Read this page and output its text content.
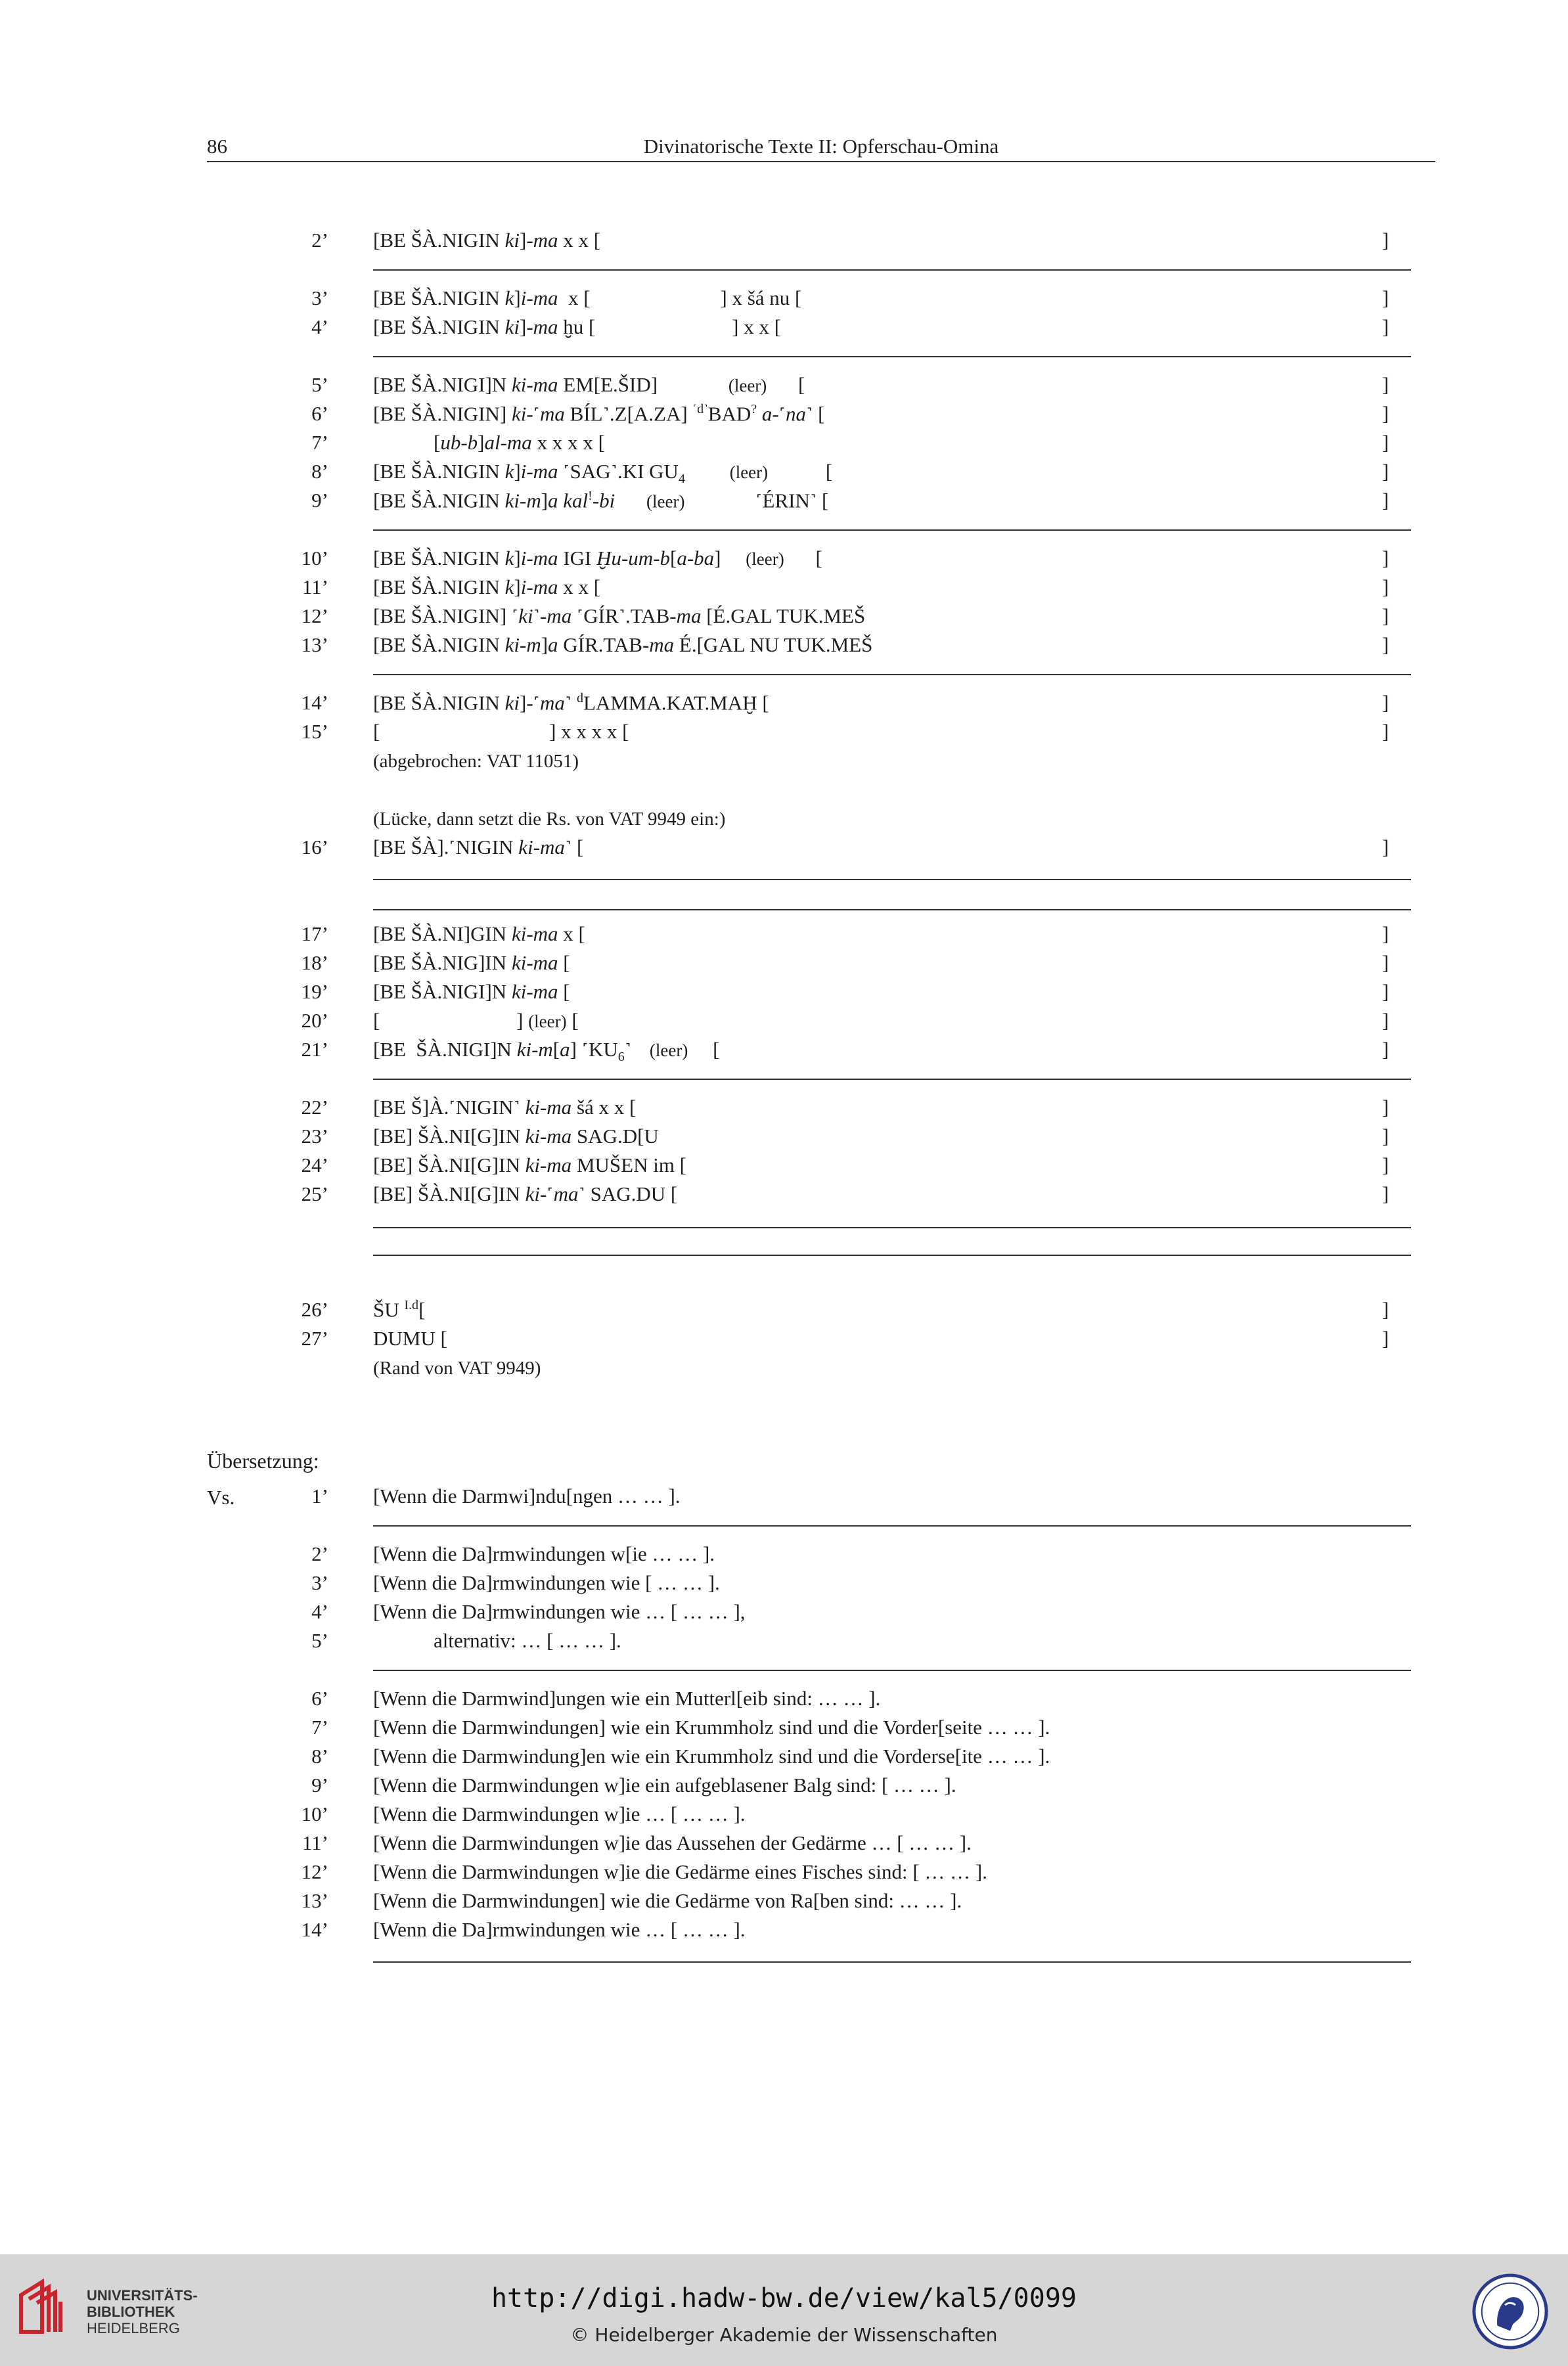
86	Divinatorische Texte II: Opferschau-Omina
2’ [BE ŠÀ.NIGIN ki]-ma x x [	]
3’ [BE ŠÀ.NIGIN k]i-ma  x [	] x šá nu [	]
4’ [BE ŠÀ.NIGIN ki]-ma ḫu [	] x x [	]
5’ [BE ŠÀ.NIGI]N ki-ma EM[E.ŠID]	(leer) [	]
6’ [BE ŠÀ.NIGIN] ki-˹ma BÍL˺.Z[A.ZA] $^{˹d˺}$BAD? a-˹na˺ [	]
7’	[ub-b]al-ma x x x x [	]
8’ [BE ŠÀ.NIGIN k]i-ma ˹SAG˺.KI $GU_4$	(leer)	[	]
9’ [BE ŠÀ.NIGIN ki-m]a kal!-bi (leer)	˹ÉRIN˺ [	]
10’ [BE ŠÀ.NIGIN k]i-ma IGI Ḫu-um-b[a-ba] (leer) [	]
11’ [BE ŠÀ.NIGIN k]i-ma x x [	]
12’ [BE ŠÀ.NIGIN] ˹ki˺-ma ˹GÍR˺.TAB-ma [É.GAL TUK.MEŠ	]
13’ [BE ŠÀ.NIGIN ki-m]a GÍR.TAB-ma É.[GAL NU TUK.MEŠ	]
14’ [BE ŠÀ.NIGIN ki]-˹ma˺ $^d$LAMMA.KAT.MAḪ [	]
15’ [	] x x x x [	]
16’ [BE ŠÀ].˹NIGIN ki-ma˺ [	]
17’ [BE ŠÀ.NI]GIN ki-ma x [	]
18’ [BE ŠÀ.NIG]IN ki-ma [	]
19’ [BE ŠÀ.NIGI]N ki-ma [	]
20’ [	] (leer) [	]
21’ [BE  ŠÀ.NIGI]N ki-m[a] $˹KU_6˺$ (leer) [	]
22’ [BE Š]À.˹NIGIN˺ ki-ma šá x x [	]
23’ [BE] ŠÀ.NI[G]IN ki-ma SAG.D[U	]
24’ [BE] ŠÀ.NI[G]IN ki-ma MUŠEN im [	]
25’ [BE] ŠÀ.NI[G]IN ki-˹ma˺ SAG.DU [	]
26’ ŠU $^{I.d}$[	]
27’ DUMU [	]
(abgebrochen: VAT 11051)
(Lücke, dann setzt die Rs. von VAT 9949 ein:)
(Rand von VAT 9949)
Übersetzung:
Vs.	1’ [Wenn die Darmwi]ndu[ngen … … ].
2’ [Wenn die Da]rmwindungen w[ie … … ].
3’ [Wenn die Da]rmwindungen wie [ … … ].
4’ [Wenn die Da]rmwindungen wie … [ … … ],
5’	alternativ: … [ … … ].
6’ [Wenn die Darmwind]ungen wie ein Mutterl[eib sind: … … ].
7’ [Wenn die Darmwindungen] wie ein Krummholz sind und die Vorder[seite … … ].
8’ [Wenn die Darmwindung]en wie ein Krummholz sind und die Vorderse[ite … … ].
9’ [Wenn die Darmwindungen w]ie ein aufgeblasener Balg sind: [ … … ].
10’ [Wenn die Darmwindungen w]ie … [ … … ].
11’ [Wenn die Darmwindungen w]ie das Aussehen der Gedärme … [ … … ].
12’ [Wenn die Darmwindungen w]ie die Gedärme eines Fisches sind: [ … … ].
13’ [Wenn die Darmwindungen] wie die Gedärme von Ra[ben sind: … … ].
14’ [Wenn die Da]rmwindungen wie … [ … … ].
UNIVERSITÄTS-
BIBLIOTHEK
HEIDELBERG
http://digi.hadw-bw.de/view/kal5/0099
© Heidelberger Akademie der Wissenschaften
